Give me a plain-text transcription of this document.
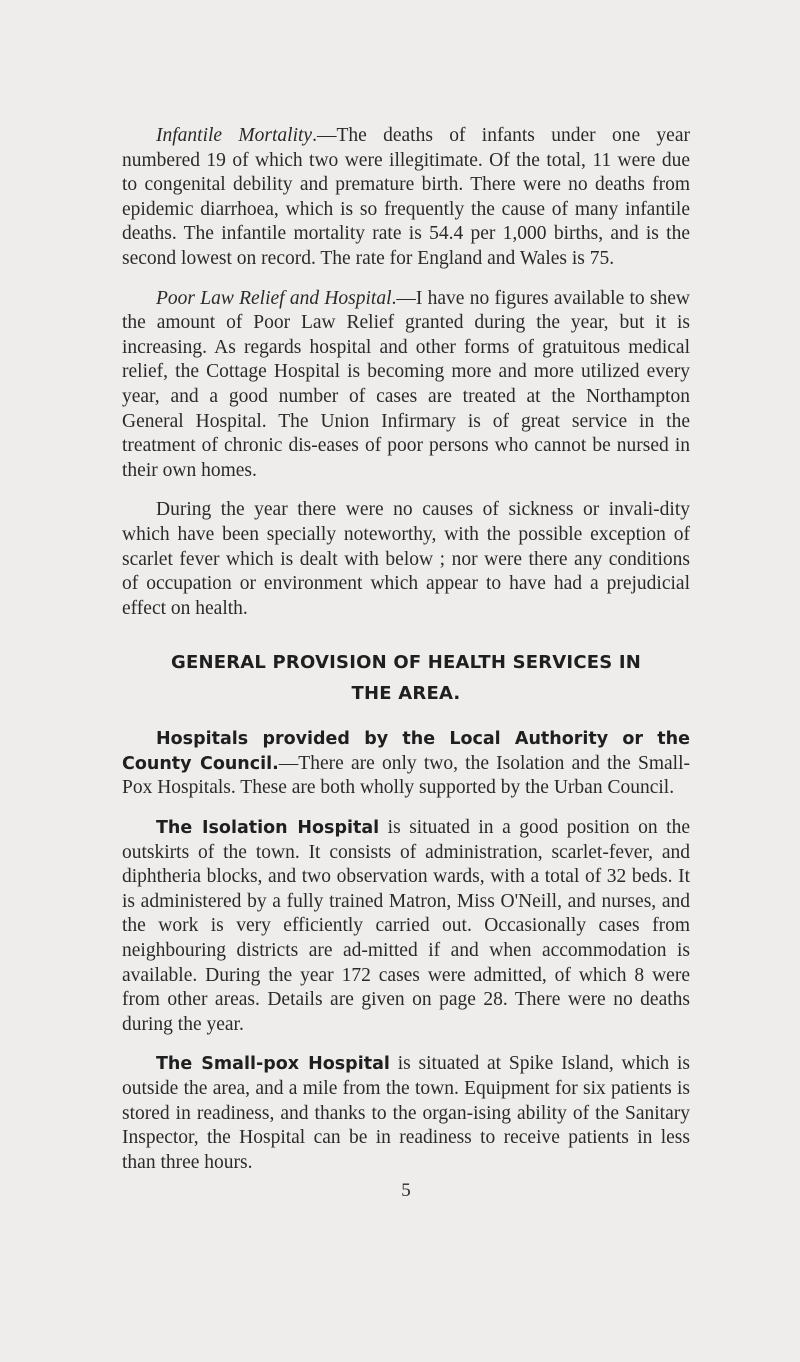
Infantile Mortality.—The deaths of infants under one year numbered 19 of which two were illegitimate. Of the total, 11 were due to congenital debility and premature birth. There were no deaths from epidemic diarrhoea, which is so frequently the cause of many infantile deaths. The infantile mortality rate is 54.4 per 1,000 births, and is the second lowest on record. The rate for England and Wales is 75.

Poor Law Relief and Hospital.—I have no figures available to shew the amount of Poor Law Relief granted during the year, but it is increasing. As regards hospital and other forms of gratuitous medical relief, the Cottage Hospital is becoming more and more utilized every year, and a good number of cases are treated at the Northampton General Hospital. The Union Infirmary is of great service in the treatment of chronic dis-eases of poor persons who cannot be nursed in their own homes.

During the year there were no causes of sickness or invali-dity which have been specially noteworthy, with the possible exception of scarlet fever which is dealt with below ; nor were there any conditions of occupation or environment which appear to have had a prejudicial effect on health.

GENERAL PROVISION OF HEALTH SERVICES IN
THE AREA.

Hospitals provided by the Local Authority or the County Council.—There are only two, the Isolation and the Small-Pox Hospitals. These are both wholly supported by the Urban Council.

The Isolation Hospital is situated in a good position on the outskirts of the town. It consists of administration, scarlet-fever, and diphtheria blocks, and two observation wards, with a total of 32 beds. It is administered by a fully trained Matron, Miss O'Neill, and nurses, and the work is very efficiently carried out. Occasionally cases from neighbouring districts are ad-mitted if and when accommodation is available. During the year 172 cases were admitted, of which 8 were from other areas. Details are given on page 28. There were no deaths during the year.

The Small-pox Hospital is situated at Spike Island, which is outside the area, and a mile from the town. Equipment for six patients is stored in readiness, and thanks to the organ-ising ability of the Sanitary Inspector, the Hospital can be in readiness to receive patients in less than three hours.

5
